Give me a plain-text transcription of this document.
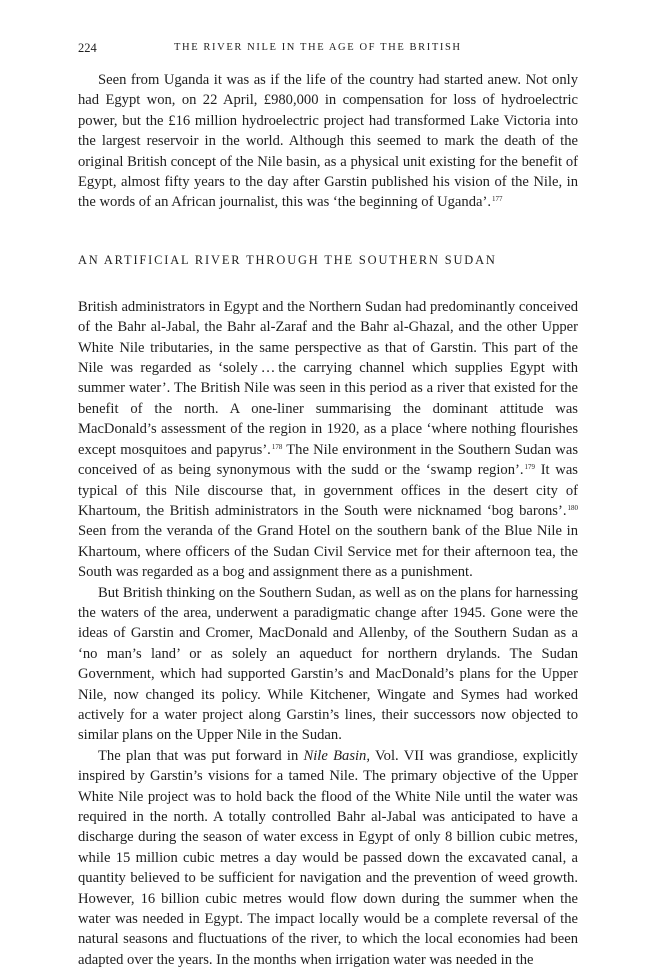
224	THE RIVER NILE IN THE AGE OF THE BRITISH

Seen from Uganda it was as if the life of the country had started anew. Not only had Egypt won, on 22 April, £980,000 in compensation for loss of hydroelectric power, but the £16 million hydroelectric project had transformed Lake Victoria into the largest reservoir in the world. Although this seemed to mark the death of the original British concept of the Nile basin, as a physical unit existing for the benefit of Egypt, almost fifty years to the day after Garstin published his vision of the Nile, in the words of an African journalist, this was ‘the beginning of Uganda’.$^{177}$

AN ARTIFICIAL RIVER THROUGH THE SOUTHERN SUDAN

British administrators in Egypt and the Northern Sudan had predominantly conceived of the Bahr al-Jabal, the Bahr al-Zaraf and the Bahr al-Ghazal, and the other Upper White Nile tributaries, in the same perspective as that of Garstin. This part of the Nile was regarded as ‘solely … the carrying channel which supplies Egypt with summer water’. The British Nile was seen in this period as a river that existed for the benefit of the north. A one-liner summarising the dominant attitude was MacDonald’s assessment of the region in 1920, as a place ‘where nothing flourishes except mosquitoes and papyrus’.$^{178}$ The Nile environment in the Southern Sudan was conceived of as being synonymous with the sudd or the ‘swamp region’.$^{179}$ It was typical of this Nile discourse that, in government offices in the desert city of Khartoum, the British administrators in the South were nicknamed ‘bog barons’.$^{180}$ Seen from the veranda of the Grand Hotel on the southern bank of the Blue Nile in Khartoum, where officers of the Sudan Civil Service met for their afternoon tea, the South was regarded as a bog and assignment there as a punishment.

But British thinking on the Southern Sudan, as well as on the plans for harnessing the waters of the area, underwent a paradigmatic change after 1945. Gone were the ideas of Garstin and Cromer, MacDonald and Allenby, of the Southern Sudan as a ‘no man’s land’ or as solely an aqueduct for northern drylands. The Sudan Government, which had supported Garstin’s and MacDonald’s plans for the Upper Nile, now changed its policy. While Kitchener, Wingate and Symes had worked actively for a water project along Garstin’s lines, their successors now objected to similar plans on the Upper Nile in the Sudan.

The plan that was put forward in Nile Basin, Vol. VII was grandiose, explicitly inspired by Garstin’s visions for a tamed Nile. The primary objective of the Upper White Nile project was to hold back the flood of the White Nile until the water was required in the north. A totally controlled Bahr al-Jabal was anticipated to have a discharge during the season of water excess in Egypt of only 8 billion cubic metres, while 15 million cubic metres a day would be passed down the excavated canal, a quantity believed to be sufficient for navigation and the prevention of weed growth. However, 16 billion cubic metres would flow down during the summer when the water was needed in Egypt. The impact locally would be a complete reversal of the natural seasons and fluctuations of the river, to which the local economies had been adapted over the years. In the months when irrigation water was needed in the
